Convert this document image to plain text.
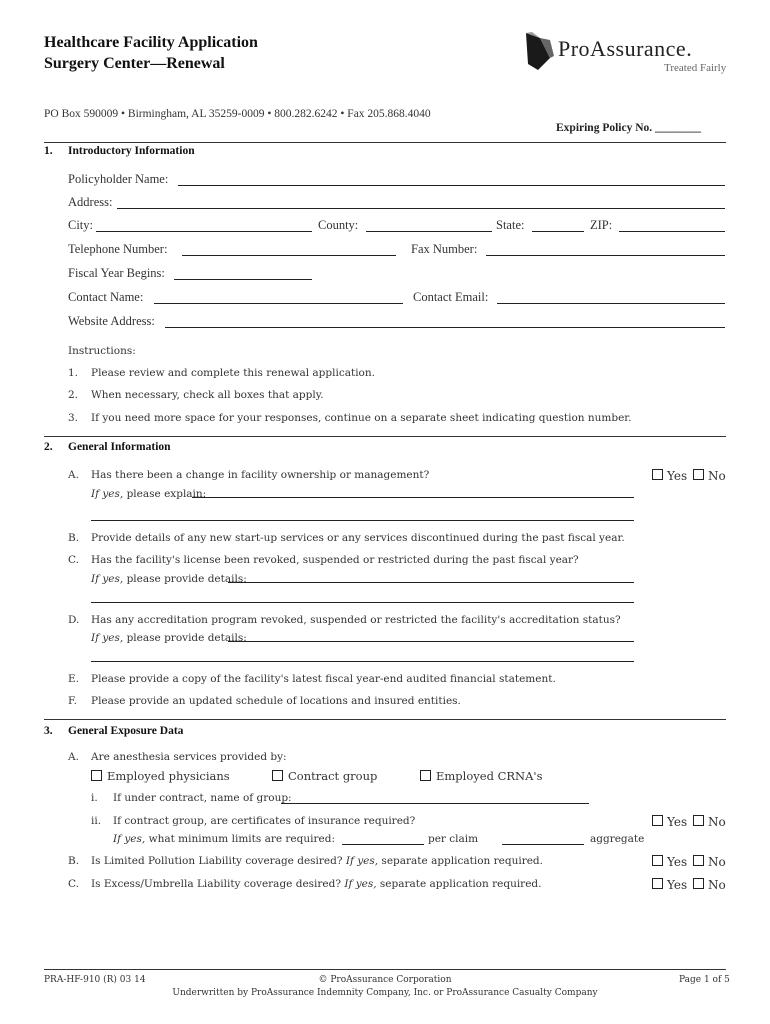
Healthcare Facility Application
Surgery Center—Renewal
ProAssurance.
Treated Fairly
PO Box 590009 • Birmingham, AL 35259-0009 • 800.282.6242 • Fax 205.868.4040
Expiring Policy No. ________
1. Introductory Information
Policyholder Name:
Address:
City:	County:	State:	ZIP:
Telephone Number:	Fax Number:
Fiscal Year Begins:
Contact Name:	Contact Email:
Website Address:
Instructions:
1. Please review and complete this renewal application.
2. When necessary, check all boxes that apply.
3. If you need more space for your responses, continue on a separate sheet indicating question number.
2. General Information
A. Has there been a change in facility ownership or management?	Yes No
If yes, please explain:
B. Provide details of any new start-up services or any services discontinued during the past fiscal year.
C. Has the facility's license been revoked, suspended or restricted during the past fiscal year?
If yes, please provide details:
D. Has any accreditation program revoked, suspended or restricted the facility's accreditation status?
If yes, please provide details:
E. Please provide a copy of the facility's latest fiscal year-end audited financial statement.
F. Please provide an updated schedule of locations and insured entities.
3. General Exposure Data
A. Are anesthesia services provided by:
Employed physicians	Contract group	Employed CRNA's
i. If under contract, name of group:
ii. If contract group, are certificates of insurance required?	Yes No
If yes, what minimum limits are required:	per claim	aggregate
B. Is Limited Pollution Liability coverage desired? If yes, separate application required.	Yes No
C. Is Excess/Umbrella Liability coverage desired? If yes, separate application required.	Yes No
PRA-HF-910 (R) 03 14	© ProAssurance Corporation
Underwritten by ProAssurance Indemnity Company, Inc. or ProAssurance Casualty Company
Page 1 of 5
